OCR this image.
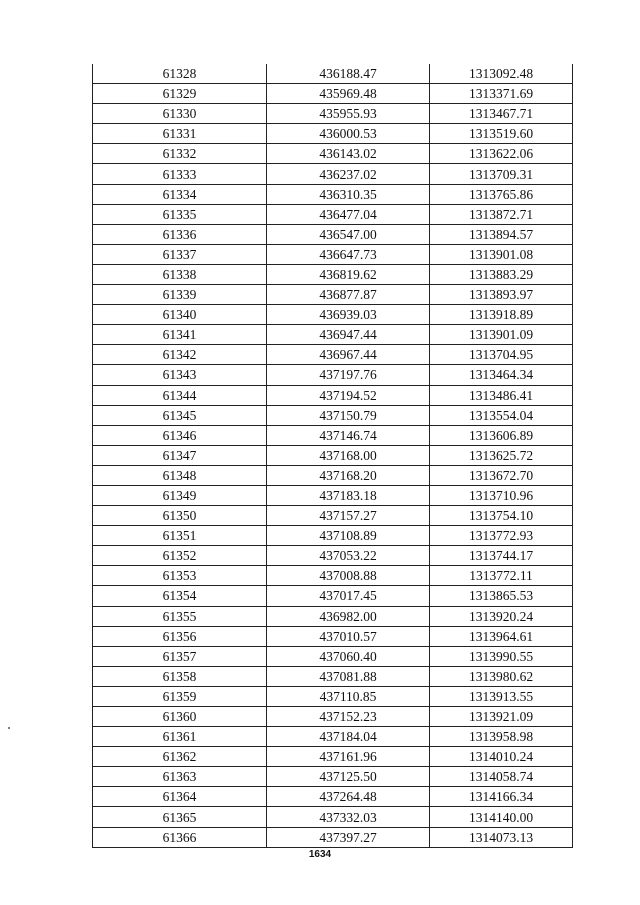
61328	436188.47	1313092.48
61329	435969.48	1313371.69
61330	435955.93	1313467.71
61331	436000.53	1313519.60
61332	436143.02	1313622.06
61333	436237.02	1313709.31
61334	436310.35	1313765.86
61335	436477.04	1313872.71
61336	436547.00	1313894.57
61337	436647.73	1313901.08
61338	436819.62	1313883.29
61339	436877.87	1313893.97
61340	436939.03	1313918.89
61341	436947.44	1313901.09
61342	436967.44	1313704.95
61343	437197.76	1313464.34
61344	437194.52	1313486.41
61345	437150.79	1313554.04
61346	437146.74	1313606.89
61347	437168.00	1313625.72
61348	437168.20	1313672.70
61349	437183.18	1313710.96
61350	437157.27	1313754.10
61351	437108.89	1313772.93
61352	437053.22	1313744.17
61353	437008.88	1313772.11
61354	437017.45	1313865.53
61355	436982.00	1313920.24
61356	437010.57	1313964.61
61357	437060.40	1313990.55
61358	437081.88	1313980.62
61359	437110.85	1313913.55
61360	437152.23	1313921.09
61361	437184.04	1313958.98
61362	437161.96	1314010.24
61363	437125.50	1314058.74
61364	437264.48	1314166.34
61365	437332.03	1314140.00
61366	437397.27	1314073.13
1634
